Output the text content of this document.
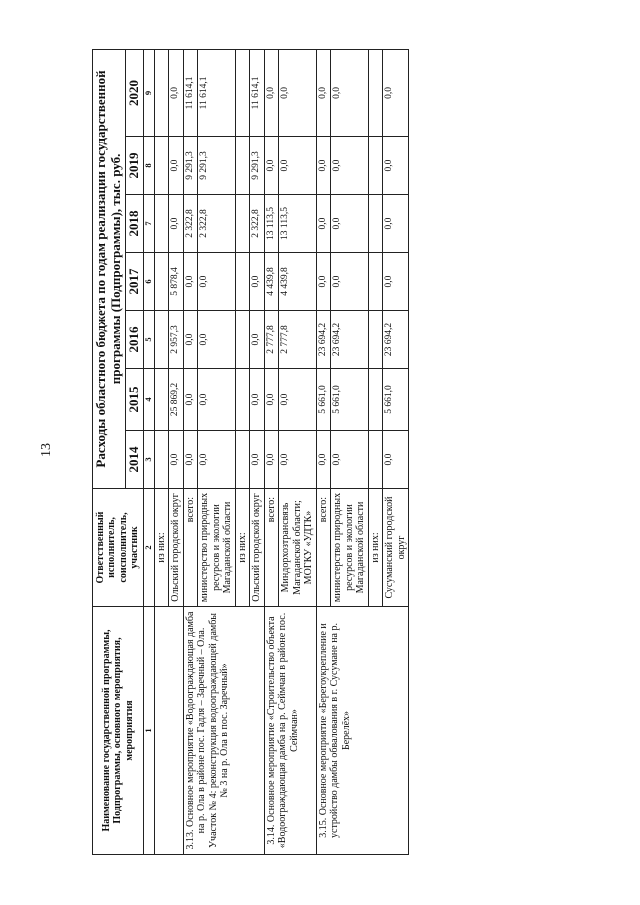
13
Наименование государственной программы, Подпрограммы, основного мероприятия, мероприятия	Ответственный исполнитель, соисполнитель, участник	Расходы областного бюджета по годам реализации государственной программы (Подпрограммы), тыс. руб.						
		2014	2015	2016	2017	2018	2019	2020
1	2	3	4	5	6	7	8	9
	из них:							
	Ольский городской округ	0,0	25 869,2	2 957,3	5 878,4	0,0	0,0	0,0
3.13. Основное мероприятие «Водоограждающая дамба на р. Ола в районе пос. Гадля – Заречный – Ола. Участок № 4: реконструкция водоограждающей дамбы № 3 на р. Ола в пос. Заречный»	всего:	0,0	0,0	0,0	0,0	2 322,8	9 291,3	11 614,1
	министерство природных ресурсов и экологии Магаданской области	0,0	0,0	0,0	0,0	2 322,8	9 291,3	11 614,1
	из них:							
	Ольский городской округ	0,0	0,0	0,0	0,0	2 322,8	9 291,3	11 614,1
3.14. Основное мероприятие «Строительство объекта «Водоограждающая дамба на р. Сеймчан в районе пос. Сеймчан»	всего:	0,0	0,0	2 777,8	4 439,8	13 113,5	0,0	0,0
	Миндорхозтрансвязь Магаданской области; МОГКУ «УДТК»	0,0	0,0	2 777,8	4 439,8	13 113,5	0,0	0,0
3.15. Основное мероприятие «Берегоукрепление и устройство дамбы обвалования в г. Сусумане на р. Берелёх»	всего:	0,0	5 661,0	23 694,2	0,0	0,0	0,0	0,0
	министерство природных ресурсов и экологии Магаданской области	0,0	5 661,0	23 694,2	0,0	0,0	0,0	0,0
	из них:							
	Сусуманский городской округ	0,0	5 661,0	23 694,2	0,0	0,0	0,0	0,0
